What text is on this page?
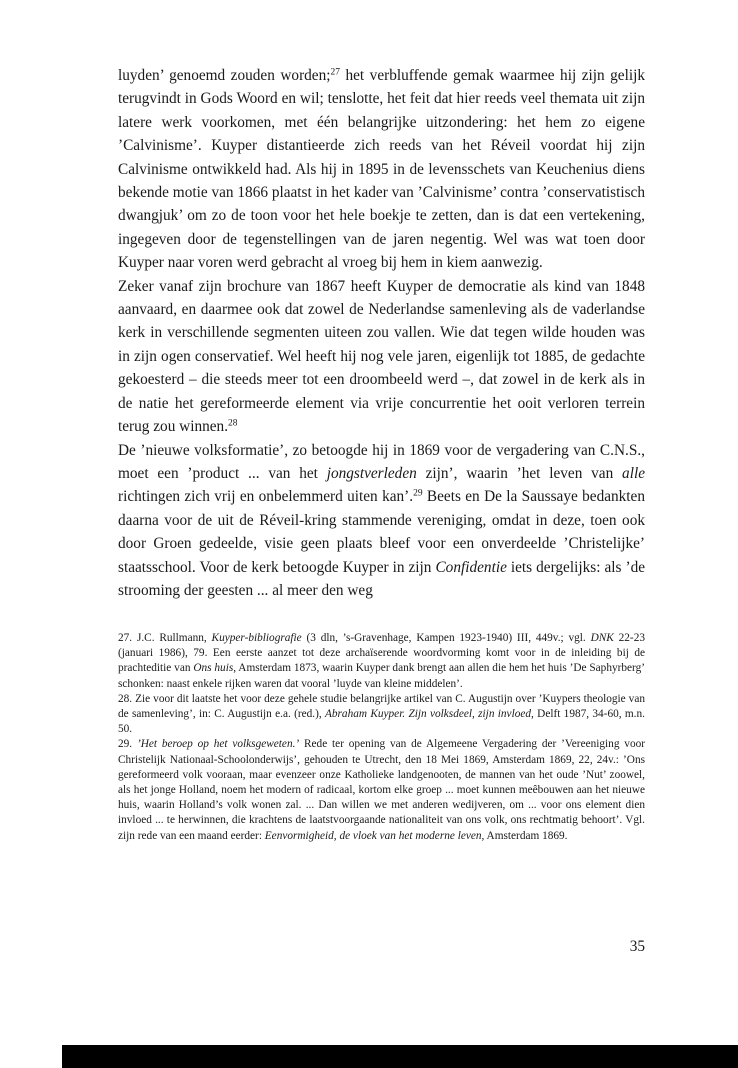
luyden’ genoemd zouden worden;$^{27}$ het verbluffende gemak waarmee hij zijn gelijk terugvindt in Gods Woord en wil; tenslotte, het feit dat hier reeds veel themata uit zijn latere werk voorkomen, met één belangrijke uitzondering: het hem zo eigene ’Calvinisme’. Kuyper distantieerde zich reeds van het Réveil voordat hij zijn Calvinisme ontwikkeld had. Als hij in 1895 in de levensschets van Keuchenius diens bekende motie van 1866 plaatst in het kader van ’Calvinisme’ contra ’conservatistisch dwangjuk’ om zo de toon voor het hele boekje te zetten, dan is dat een vertekening, ingegeven door de tegenstellingen van de jaren negentig. Wel was wat toen door Kuyper naar voren werd gebracht al vroeg bij hem in kiem aanwezig.

Zeker vanaf zijn brochure van 1867 heeft Kuyper de democratie als kind van 1848 aanvaard, en daarmee ook dat zowel de Nederlandse samenleving als de vaderlandse kerk in verschillende segmenten uiteen zou vallen. Wie dat tegen wilde houden was in zijn ogen conservatief. Wel heeft hij nog vele jaren, eigenlijk tot 1885, de gedachte gekoesterd – die steeds meer tot een droombeeld werd –, dat zowel in de kerk als in de natie het gereformeerde element via vrije concurrentie het ooit verloren terrein terug zou winnen.$^{28}$

De ’nieuwe volksformatie’, zo betoogde hij in 1869 voor de vergadering van C.N.S., moet een ’product ... van het jongstverleden zijn’, waarin ’het leven van alle richtingen zich vrij en onbelemmerd uiten kan’.$^{29}$ Beets en De la Saussaye bedankten daarna voor de uit de Réveil-kring stammende vereniging, omdat in deze, toen ook door Groen gedeelde, visie geen plaats bleef voor een onverdeelde ’Christelijke’ staatsschool. Voor de kerk betoogde Kuyper in zijn Confidentie iets dergelijks: als ’de strooming der geesten ... al meer den weg

27. J.C. Rullmann, Kuyper-bibliografie (3 dln, ’s-Gravenhage, Kampen 1923-1940) III, 449v.; vgl. DNK 22-23 (januari 1986), 79. Een eerste aanzet tot deze archaïserende woordvorming komt voor in de inleiding bij de prachteditie van Ons huis, Amsterdam 1873, waarin Kuyper dank brengt aan allen die hem het huis ’De Saphyrberg’ schonken: naast enkele rijken waren dat vooral ’luyde van kleine middelen’.

28. Zie voor dit laatste het voor deze gehele studie belangrijke artikel van C. Augustijn over ’Kuypers theologie van de samenleving’, in: C. Augustijn e.a. (red.), Abraham Kuyper. Zijn volksdeel, zijn invloed, Delft 1987, 34-60, m.n. 50.

29. ’Het beroep op het volksgeweten.’ Rede ter opening van de Algemeene Vergadering der ’Vereeniging voor Christelijk Nationaal-Schoolonderwijs’, gehouden te Utrecht, den 18 Mei 1869, Amsterdam 1869, 22, 24v.: ’Ons gereformeerd volk vooraan, maar evenzeer onze Katholieke landgenooten, de mannen van het oude ’Nut’ zoowel, als het jonge Holland, noem het modern of radicaal, kortom elke groep ... moet kunnen meêbouwen aan het nieuwe huis, waarin Holland’s volk wonen zal. ... Dan willen we met anderen wedijveren, om ... voor ons element dien invloed ... te herwinnen, die krachtens de laatstvoorgaande nationaliteit van ons volk, ons rechtmatig behoort’. Vgl. zijn rede van een maand eerder: Eenvormigheid, de vloek van het moderne leven, Amsterdam 1869.

35
